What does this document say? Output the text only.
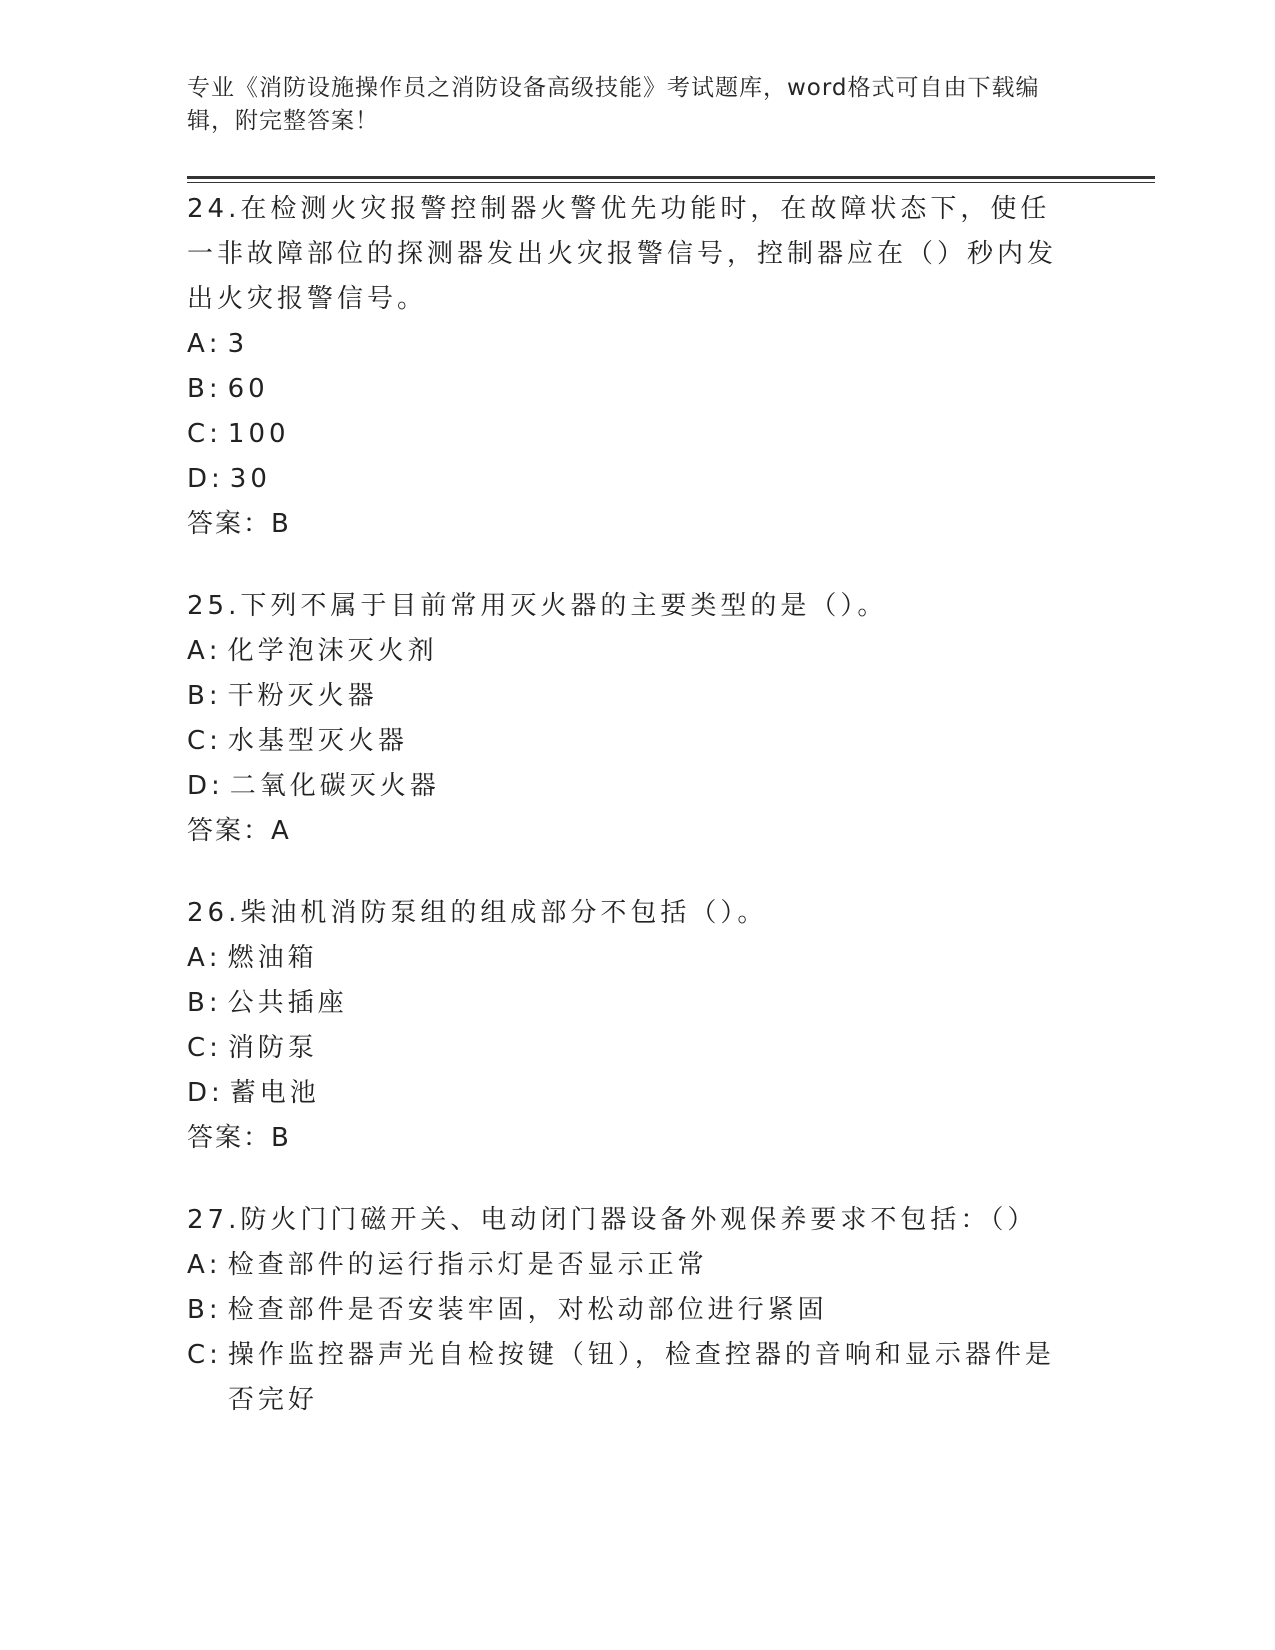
专业《消防设施操作员之消防设备高级技能》考试题库，word格式可自由下载编辑，附完整答案！

24.在检测火灾报警控制器火警优先功能时，在故障状态下，使任一非故障部位的探测器发出火灾报警信号，控制器应在（）秒内发出火灾报警信号。

A : 3

B : 60

C : 100

D : 30

答案：B

25.下列不属于目前常用灭火器的主要类型的是（）。

A : 化学泡沫灭火剂

B : 干粉灭火器

C : 水基型灭火器

D : 二氧化碳灭火器

答案：A

26.柴油机消防泵组的组成部分不包括（）。

A : 燃油箱

B : 公共插座

C : 消防泵

D : 蓄电池

答案：B

27.防火门门磁开关、电动闭门器设备外观保养要求不包括：（）

A : 检查部件的运行指示灯是否显示正常

B : 检查部件是否安装牢固，对松动部位进行紧固

C : 操作监控器声光自检按键（钮），检查控器的音响和显示器件是否完好
